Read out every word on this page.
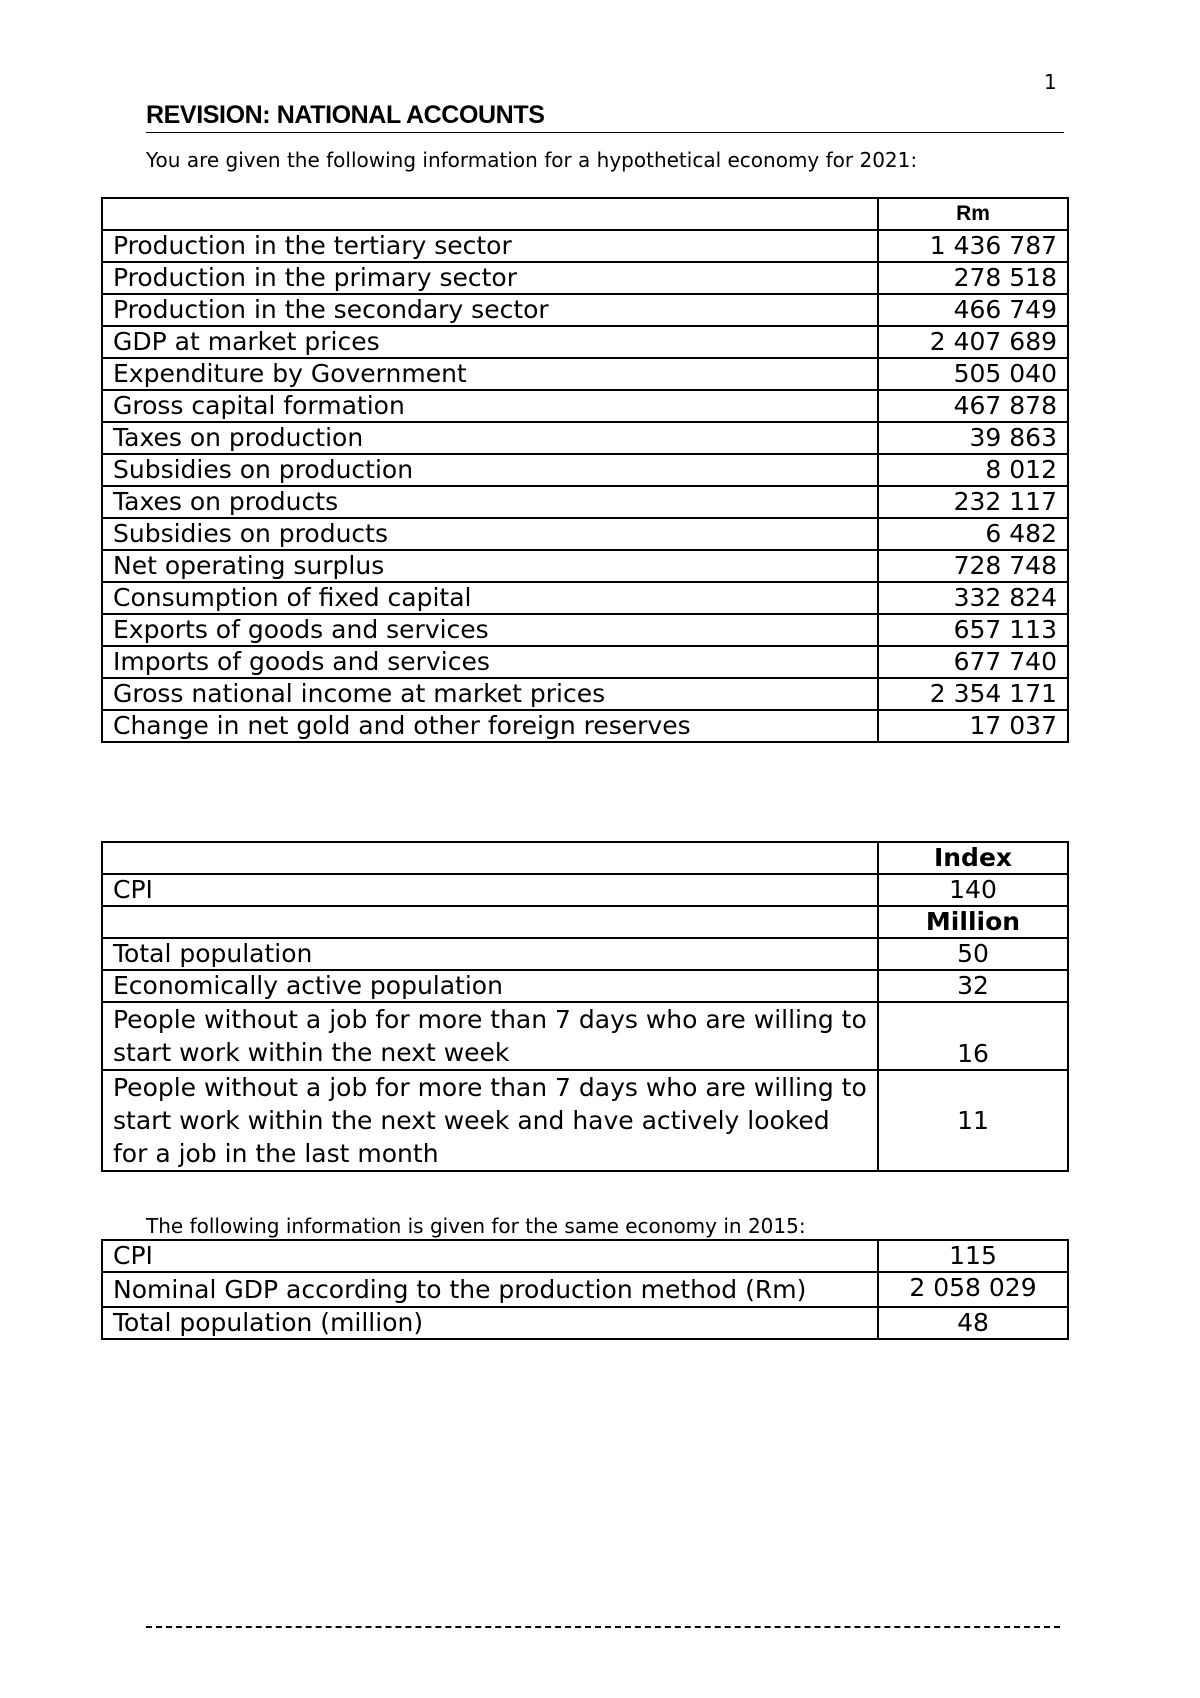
1
REVISION: NATIONAL ACCOUNTS
You are given the following information for a hypothetical economy for 2021:
	Rm
Production in the tertiary sector	1 436 787
Production in the primary sector	278 518
Production in the secondary sector	466 749
GDP at market prices	2 407 689
Expenditure by Government	505 040
Gross capital formation	467 878
Taxes on production	39 863
Subsidies on production	8 012
Taxes on products	232 117
Subsidies on products	6 482
Net operating surplus	728 748
Consumption of fixed capital	332 824
Exports of goods and services	657 113
Imports of goods and services	677 740
Gross national income at market prices	2 354 171
Change in net gold and other foreign reserves	17 037
	Index
CPI	140
	Million
Total population	50
Economically active population	32
People without a job for more than 7 days who are willing to start work within the next week	16
People without a job for more than 7 days who are willing to start work within the next week and have actively looked for a job in the last month	11
The following information is given for the same economy in 2015:
CPI	115
Nominal GDP according to the production method (Rm)	2 058 029
Total population (million)	48
